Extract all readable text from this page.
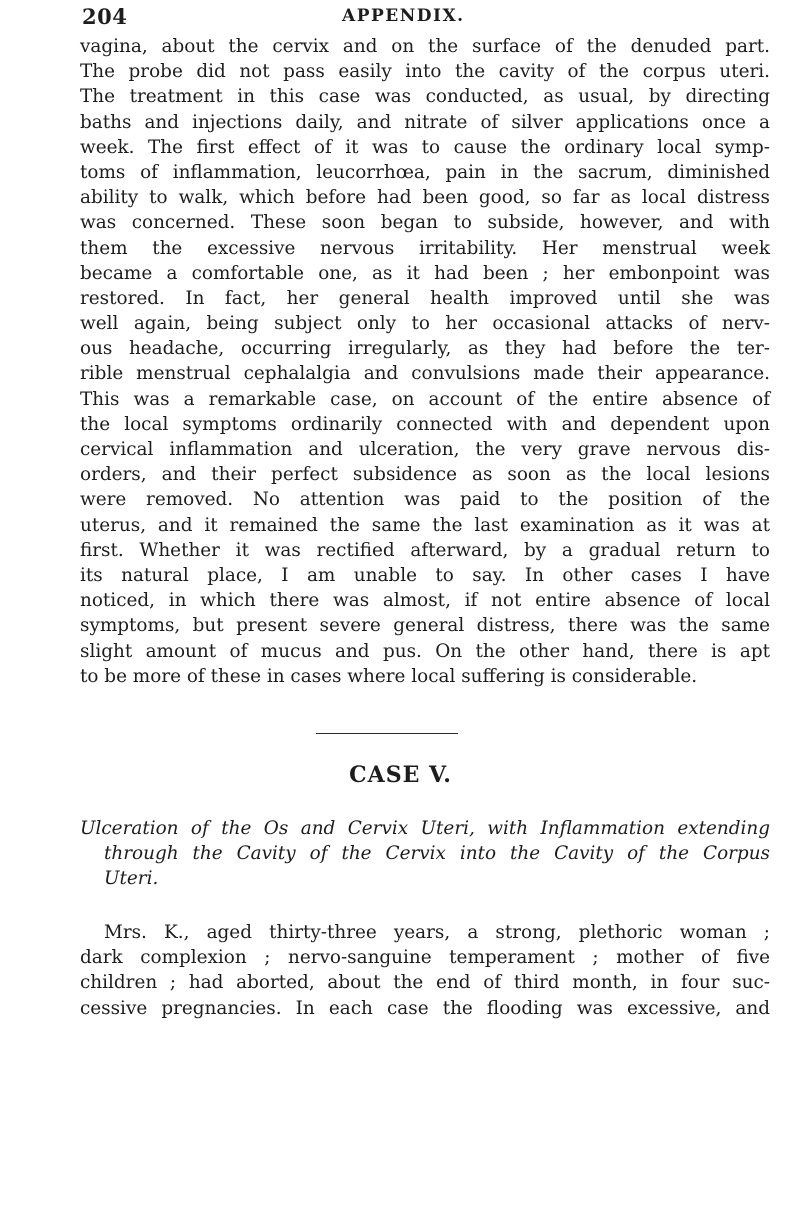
204	APPENDIX.
vagina, about the cervix and on the surface of the denuded part.
The probe did not pass easily into the cavity of the corpus uteri.
The treatment in this case was conducted, as usual, by directing
baths and injections daily, and nitrate of silver applications once a
week. The first effect of it was to cause the ordinary local symp-
toms of inflammation, leucorrhœa, pain in the sacrum, diminished
ability to walk, which before had been good, so far as local distress
was concerned. These soon began to subside, however, and with
them the excessive nervous irritability. Her menstrual week
became a comfortable one, as it had been ; her embonpoint was
restored. In fact, her general health improved until she was
well again, being subject only to her occasional attacks of nerv-
ous headache, occurring irregularly, as they had before the ter-
rible menstrual cephalalgia and convulsions made their appearance.
This was a remarkable case, on account of the entire absence of
the local symptoms ordinarily connected with and dependent upon
cervical inflammation and ulceration, the very grave nervous dis-
orders, and their perfect subsidence as soon as the local lesions
were removed. No attention was paid to the position of the
uterus, and it remained the same the last examination as it was at
first. Whether it was rectified afterward, by a gradual return to
its natural place, I am unable to say. In other cases I have
noticed, in which there was almost, if not entire absence of local
symptoms, but present severe general distress, there was the same
slight amount of mucus and pus. On the other hand, there is apt
to be more of these in cases where local suffering is considerable.
CASE V.
Ulceration of the Os and Cervix Uteri, with Inflammation extending
through the Cavity of the Cervix into the Cavity of the Corpus
Uteri.
Mrs. K., aged thirty-three years, a strong, plethoric woman ;
dark complexion ; nervo-sanguine temperament ; mother of five
children ; had aborted, about the end of third month, in four suc-
cessive pregnancies. In each case the flooding was excessive, and
